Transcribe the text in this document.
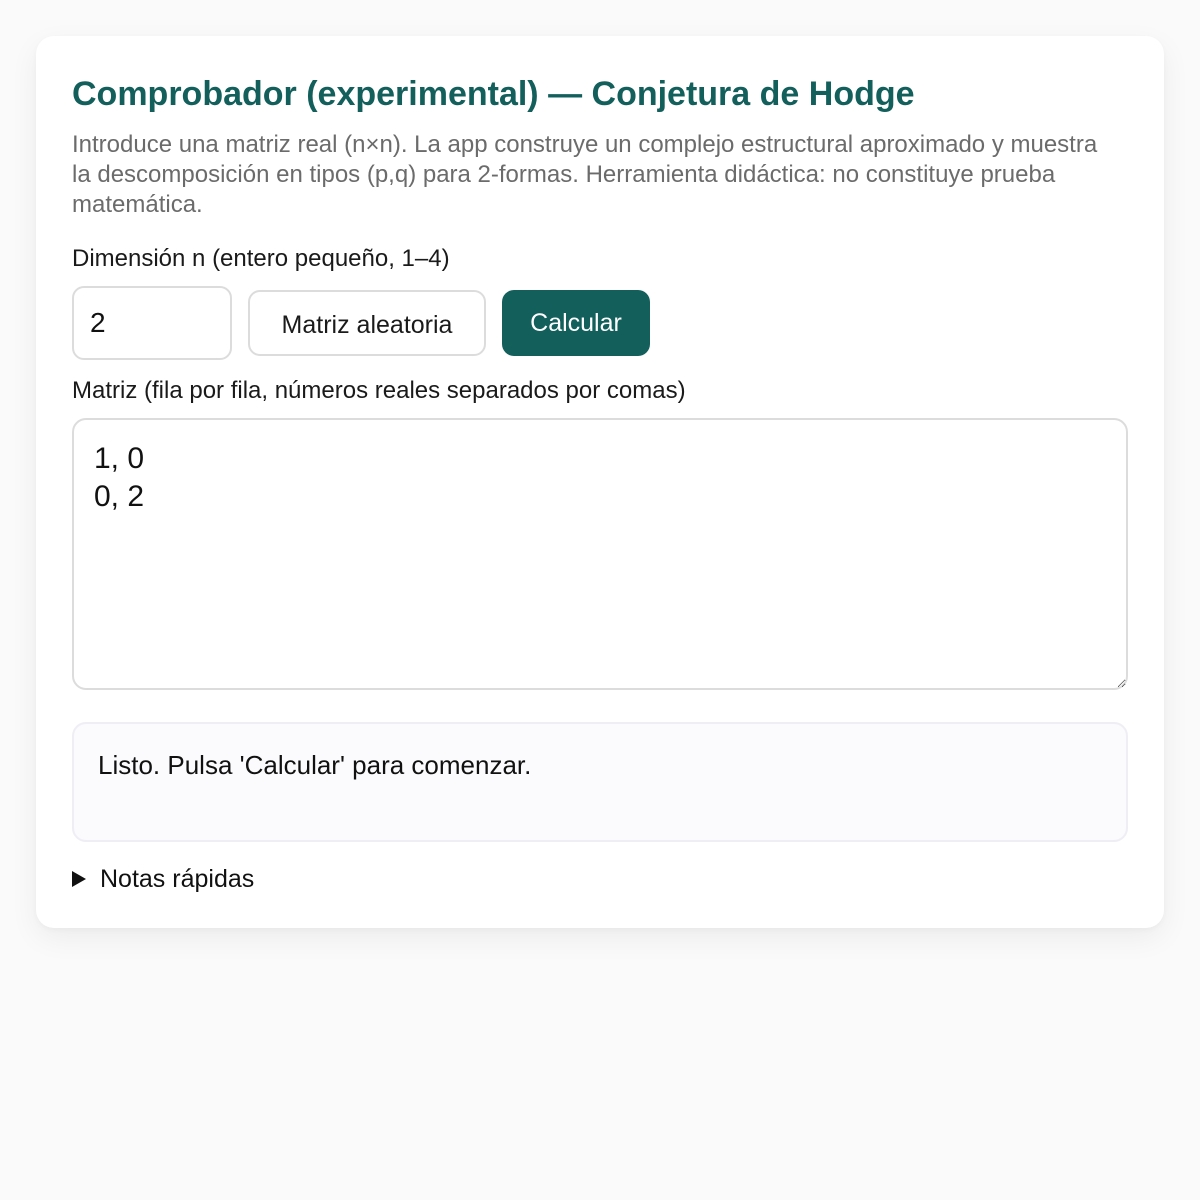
Comprobador (experimental) — Conjetura de Hodge

Introduce una matriz real (n×n). La app construye un complejo estructural aproximado y muestra la descomposición en tipos (p,q) para 2-formas. Herramienta didáctica: no constituye prueba matemática.

Dimensión n (entero pequeño, 1–4)
2
Matriz aleatoria	Calcular
Matriz (fila por fila, números reales separados por comas)
1, 0 0, 2
Listo. Pulsa 'Calcular' para comenzar.
Notas rápidas
